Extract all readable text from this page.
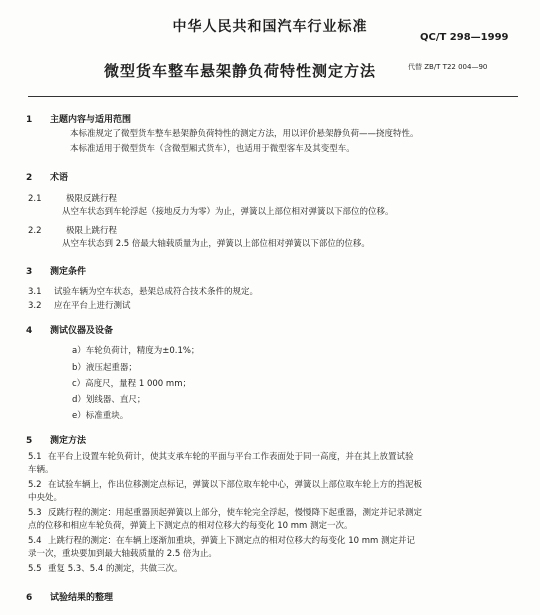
中华人民共和国汽车行业标准
QC/T 298—1999
微型货车整车悬架静负荷特性测定方法	代替 ZB/T T22 004—90
1 主题内容与适用范围
本标准规定了微型货车整车悬架静负荷特性的测定方法，用以评价悬架静负荷——挠度特性。
本标准适用于微型货车（含微型厢式货车），也适用于微型客车及其变型车。
2 术语
2.1	极限反跳行程
从空车状态到车轮浮起（接地反力为零）为止，弹簧以上部位相对弹簧以下部位的位移。
2.2	极限上跳行程
从空车状态到 2.5 倍最大轴载质量为止，弹簧以上部位相对弹簧以下部位的位移。
3 测定条件
3.1 试验车辆为空车状态，悬架总成符合技术条件的规定。
3.2 应在平台上进行测试
4 测试仪器及设备
a）车轮负荷计，精度为±0.1%；
b）液压起重器；
c）高度尺，量程 1 000 mm；
d）划线器、直尺；
e）标准重块。
5 测定方法
5.1 在平台上设置车轮负荷计，使其支承车轮的平面与平台工作表面处于同一高度，并在其上放置试验
车辆。
5.2 在试验车辆上，作出位移测定点标记，弹簧以下部位取车轮中心，弹簧以上部位取车轮上方的挡泥板
中央处。
5.3 反跳行程的测定：用起重器顶起弹簧以上部分，使车轮完全浮起，慢慢降下起重器，测定并记录测定
点的位移和相应车轮负荷，弹簧上下测定点的相对位移大约每变化 10 mm 测定一次。
5.4 上跳行程的测定：在车辆上逐渐加重块，弹簧上下测定点的相对位移大约每变化 10 mm 测定并记
录一次，重块要加到最大轴载质量的 2.5 倍为止。
5.5 重复 5.3、5.4 的测定，共做三次。
6 试验结果的整理
